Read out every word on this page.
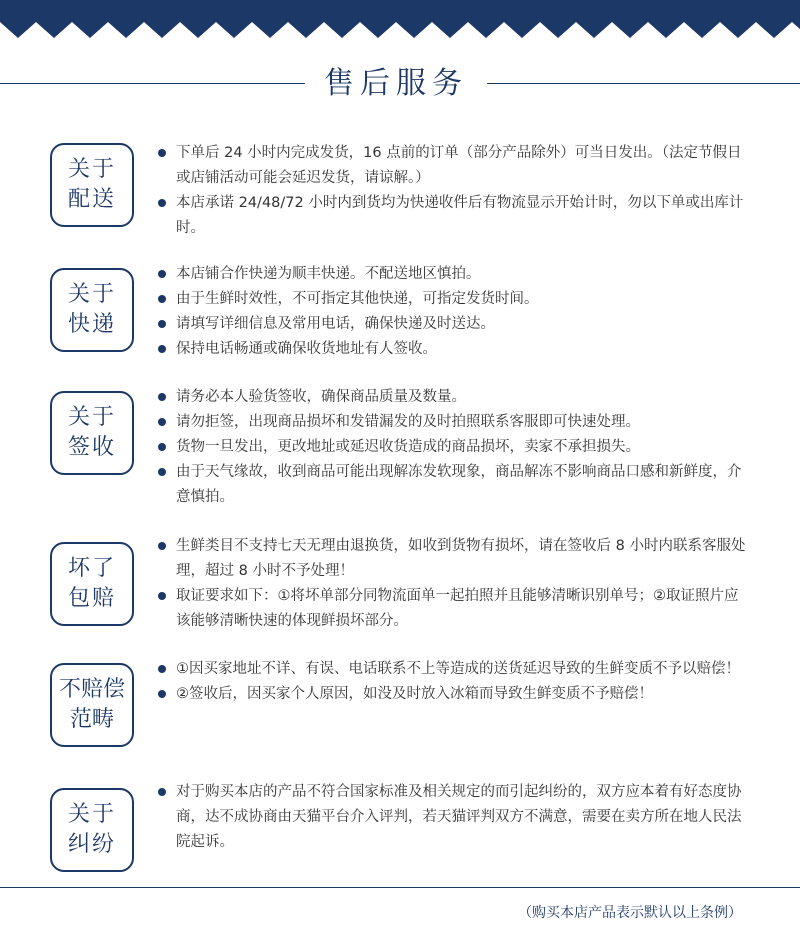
售后服务
关于
配送
下单后 24 小时内完成发货，16 点前的订单（部分产品除外）可当日发出。（法定节假日或店铺活动可能会延迟发货，请谅解。）
本店承诺 24/48/72 小时内到货均为快递收件后有物流显示开始计时，勿以下单或出库计时。
关于
快递
本店铺合作快递为顺丰快递。不配送地区慎拍。
由于生鲜时效性，不可指定其他快递，可指定发货时间。
请填写详细信息及常用电话，确保快递及时送达。
保持电话畅通或确保收货地址有人签收。
关于
签收
请务必本人验货签收，确保商品质量及数量。
请勿拒签，出现商品损坏和发错漏发的及时拍照联系客服即可快速处理。
货物一旦发出，更改地址或延迟收货造成的商品损坏，卖家不承担损失。
由于天气缘故，收到商品可能出现解冻发软现象，商品解冻不影响商品口感和新鲜度，介意慎拍。
坏了
包赔
生鲜类目不支持七天无理由退换货，如收到货物有损坏，请在签收后 8 小时内联系客服处理，超过 8 小时不予处理！
取证要求如下：①将坏单部分同物流面单一起拍照并且能够清晰识别单号；②取证照片应该能够清晰快速的体现鲜损坏部分。
不赔偿
范畴
①因买家地址不详、有误、电话联系不上等造成的送货延迟导致的生鲜变质不予以赔偿！
②签收后，因买家个人原因，如没及时放入冰箱而导致生鲜变质不予赔偿！
关于
纠纷
对于购买本店的产品不符合国家标准及相关规定的而引起纠纷的，双方应本着有好态度协商，达不成协商由天猫平台介入评判，若天猫评判双方不满意，需要在卖方所在地人民法院起诉。
（购买本店产品表示默认以上条例）
